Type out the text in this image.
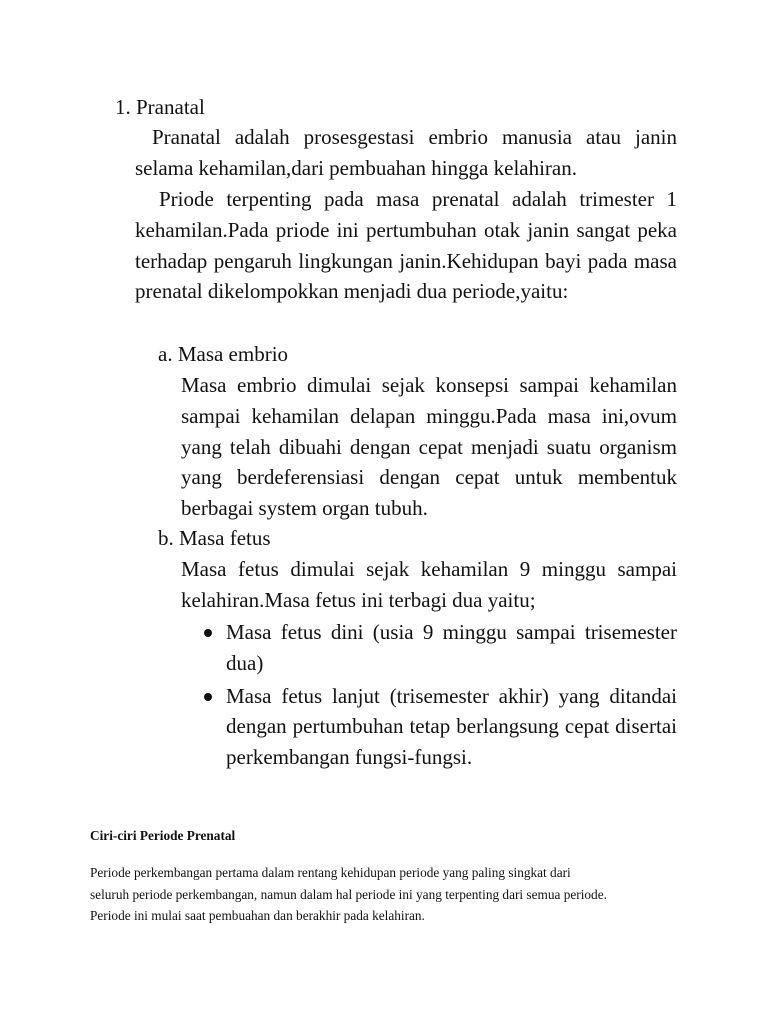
1. Pranatal
Pranatal adalah prosesgestasi embrio manusia atau janin selama kehamilan,dari pembuahan hingga kelahiran.
Priode terpenting pada masa prenatal adalah trimester 1 kehamilan.Pada priode ini pertumbuhan otak janin sangat peka terhadap pengaruh lingkungan janin.Kehidupan bayi pada masa prenatal dikelompokkan menjadi dua periode,yaitu:
a. Masa embrio
Masa embrio dimulai sejak konsepsi sampai kehamilan sampai kehamilan delapan minggu.Pada masa ini,ovum yang telah dibuahi dengan cepat menjadi suatu organism yang berdeferensiasi dengan cepat untuk membentuk berbagai system organ tubuh.
b. Masa fetus
Masa fetus dimulai sejak kehamilan 9 minggu sampai kelahiran.Masa fetus ini terbagi dua yaitu;
Masa fetus dini (usia 9 minggu sampai trisemester dua)
Masa fetus lanjut (trisemester akhir) yang ditandai dengan pertumbuhan tetap berlangsung cepat disertai perkembangan fungsi-fungsi.
Ciri-ciri Periode Prenatal
Periode perkembangan pertama dalam rentang kehidupan periode yang paling singkat dari
seluruh periode perkembangan, namun dalam hal periode ini yang terpenting dari semua periode.
Periode ini mulai saat pembuahan dan berakhir pada kelahiran.
